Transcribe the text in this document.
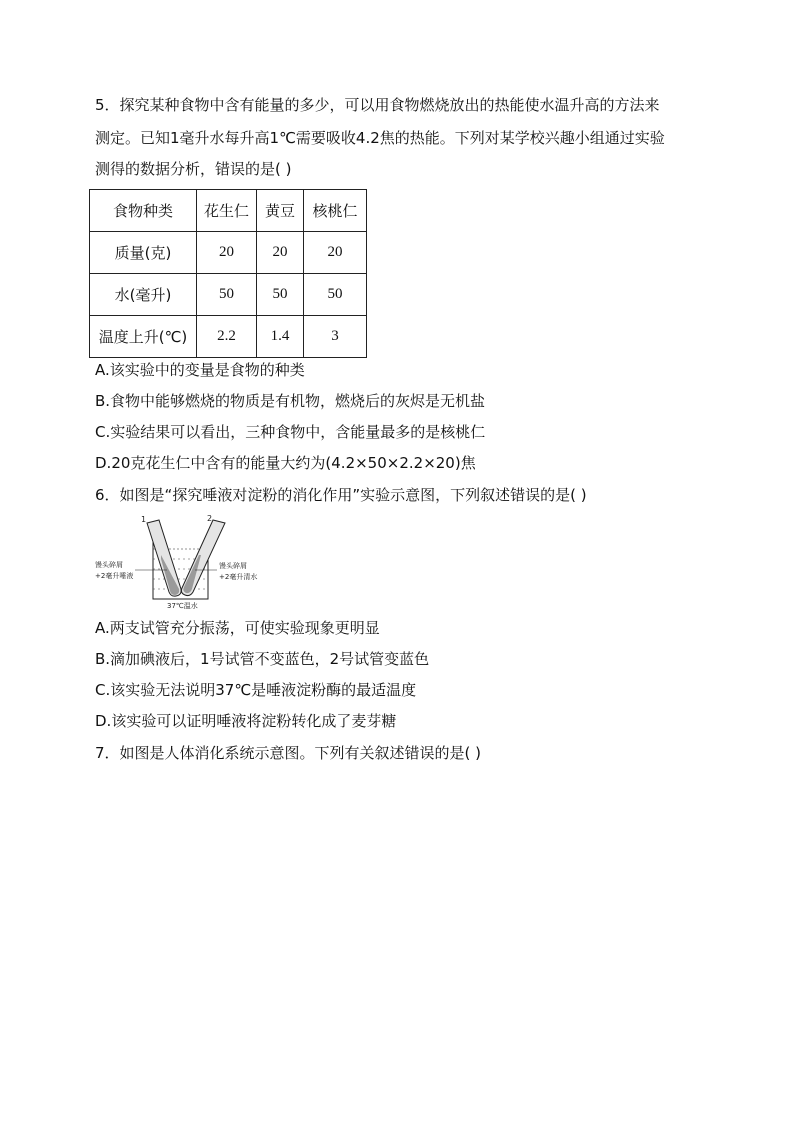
5．探究某种食物中含有能量的多少，可以用食物燃烧放出的热能使水温升高的方法来
测定。已知1毫升水每升高1℃需要吸收4.2焦的热能。下列对某学校兴趣小组通过实验
测得的数据分析，错误的是( )
食物种类	花生仁	黄豆	核桃仁
质量(克)	20	20	20
水(毫升)	50	50	50
温度上升(℃)	2.2	1.4	3
A.该实验中的变量是食物的种类
B.食物中能够燃烧的物质是有机物，燃烧后的灰烬是无机盐
C.实验结果可以看出，三种食物中，含能量最多的是核桃仁
D.20克花生仁中含有的能量大约为(4.2×50×2.2×20)焦
6．如图是“探究唾液对淀粉的消化作用”实验示意图，下列叙述错误的是( )
1	2
馒头碎屑
+2毫升唾液
馒头碎屑
+2毫升清水
37℃温水
A.两支试管充分振荡，可使实验现象更明显
B.滴加碘液后，1号试管不变蓝色，2号试管变蓝色
C.该实验无法说明37℃是唾液淀粉酶的最适温度
D.该实验可以证明唾液将淀粉转化成了麦芽糖
7．如图是人体消化系统示意图。下列有关叙述错误的是( )
